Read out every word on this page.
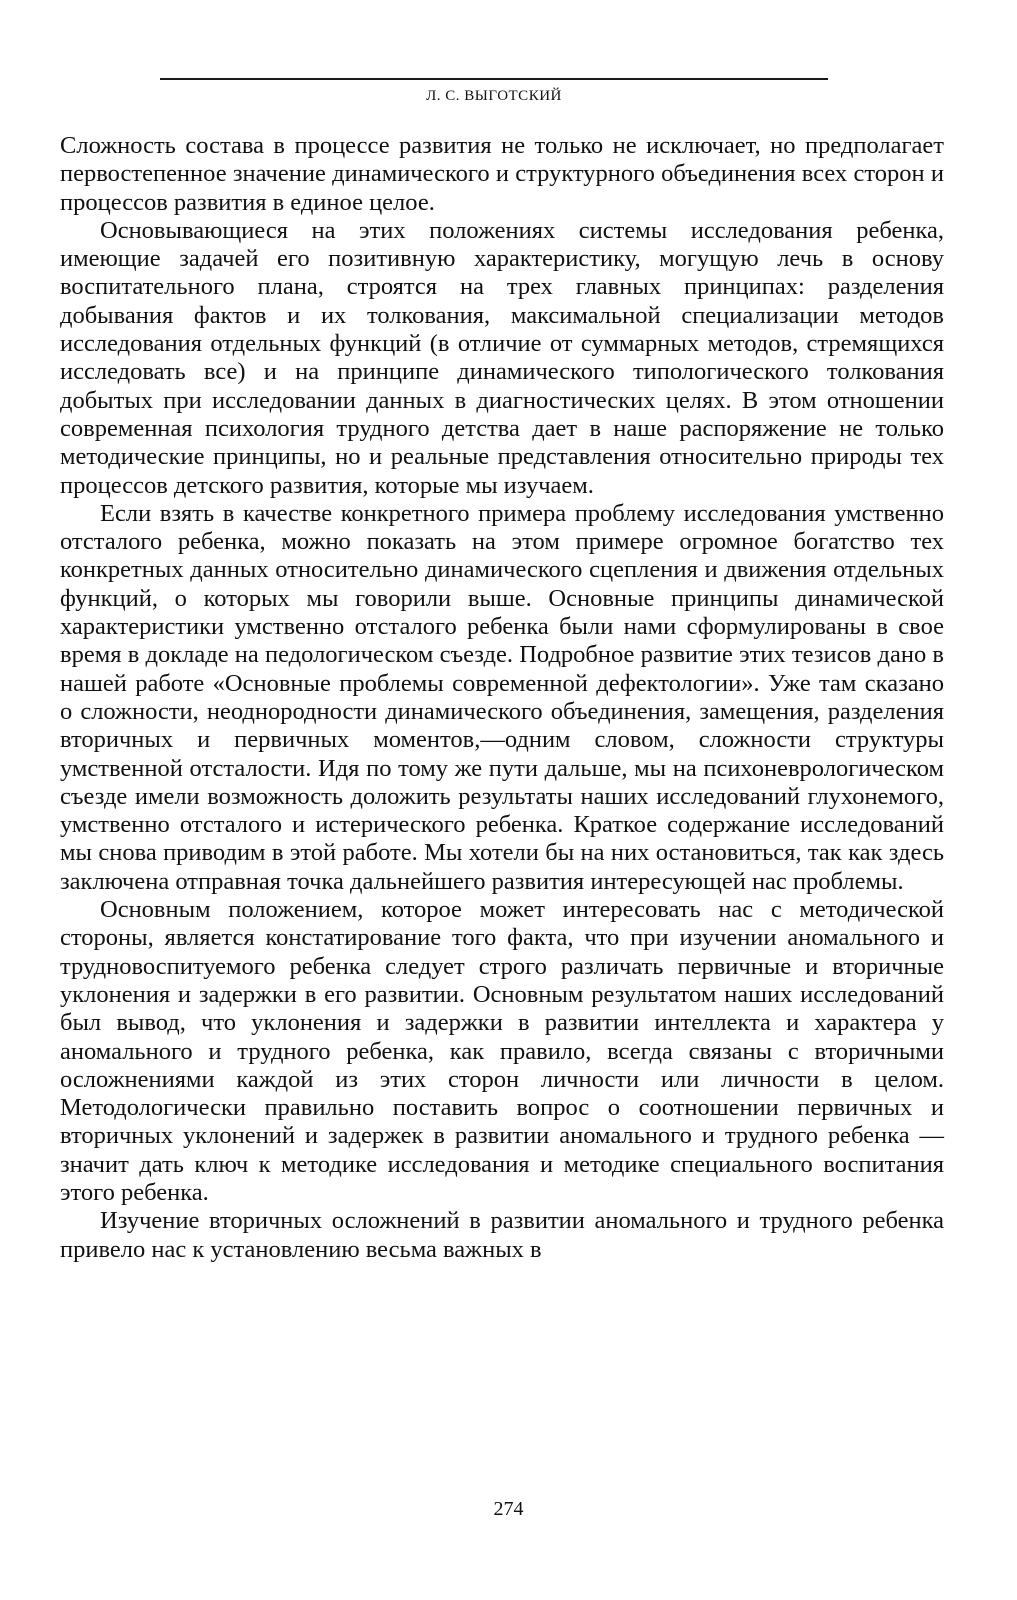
Л. С. ВЫГОТСКИЙ

Сложность состава в процессе развития не только не исключает, но предполагает первостепенное значение динамического и структурного объединения всех сторон и процессов развития в единое целое.

Основывающиеся на этих положениях системы исследования ребенка, имеющие задачей его позитивную характеристику, могущую лечь в основу воспитательного плана, строятся на трех главных принципах: разделения добывания фактов и их толкования, максимальной специализации методов исследования отдельных функций (в отличие от суммарных методов, стремящихся исследовать все) и на принципе динамического типологического толкования добытых при исследовании данных в диагностических целях. В этом отношении современная психология трудного детства дает в наше распоряжение не только методические принципы, но и реальные представления относительно природы тех процессов детского развития, которые мы изучаем.

Если взять в качестве конкретного примера проблему исследования умственно отсталого ребенка, можно показать на этом примере огромное богатство тех конкретных данных относительно динамического сцепления и движения отдельных функций, о которых мы говорили выше. Основные принципы динамической характеристики умственно отсталого ребенка были нами сформулированы в свое время в докладе на педологическом съезде. Подробное развитие этих тезисов дано в нашей работе «Основные проблемы современной дефектологии». Уже там сказано о сложности, неоднородности динамического объединения, замещения, разделения вторичных и первичных моментов,—одним словом, сложности структуры умственной отсталости. Идя по тому же пути дальше, мы на психоневрологическом съезде имели возможность доложить результаты наших исследований глухонемого, умственно отсталого и истерического ребенка. Краткое содержание исследований мы снова приводим в этой работе. Мы хотели бы на них остановиться, так как здесь заключена отправная точка дальнейшего развития интересующей нас проблемы.

Основным положением, которое может интересовать нас с методической стороны, является констатирование того факта, что при изучении аномального и трудновоспитуемого ребенка следует строго различать первичные и вторичные уклонения и задержки в его развитии. Основным результатом наших исследований был вывод, что уклонения и задержки в развитии интеллекта и характера у аномального и трудного ребенка, как правило, всегда связаны с вторичными осложнениями каждой из этих сторон личности или личности в целом. Методологически правильно поставить вопрос о соотношении первичных и вторичных уклонений и задержек в развитии аномального и трудного ребенка — значит дать ключ к методике исследования и методике специального воспитания этого ребенка.

Изучение вторичных осложнений в развитии аномального и трудного ребенка привело нас к установлению весьма важных в

274
